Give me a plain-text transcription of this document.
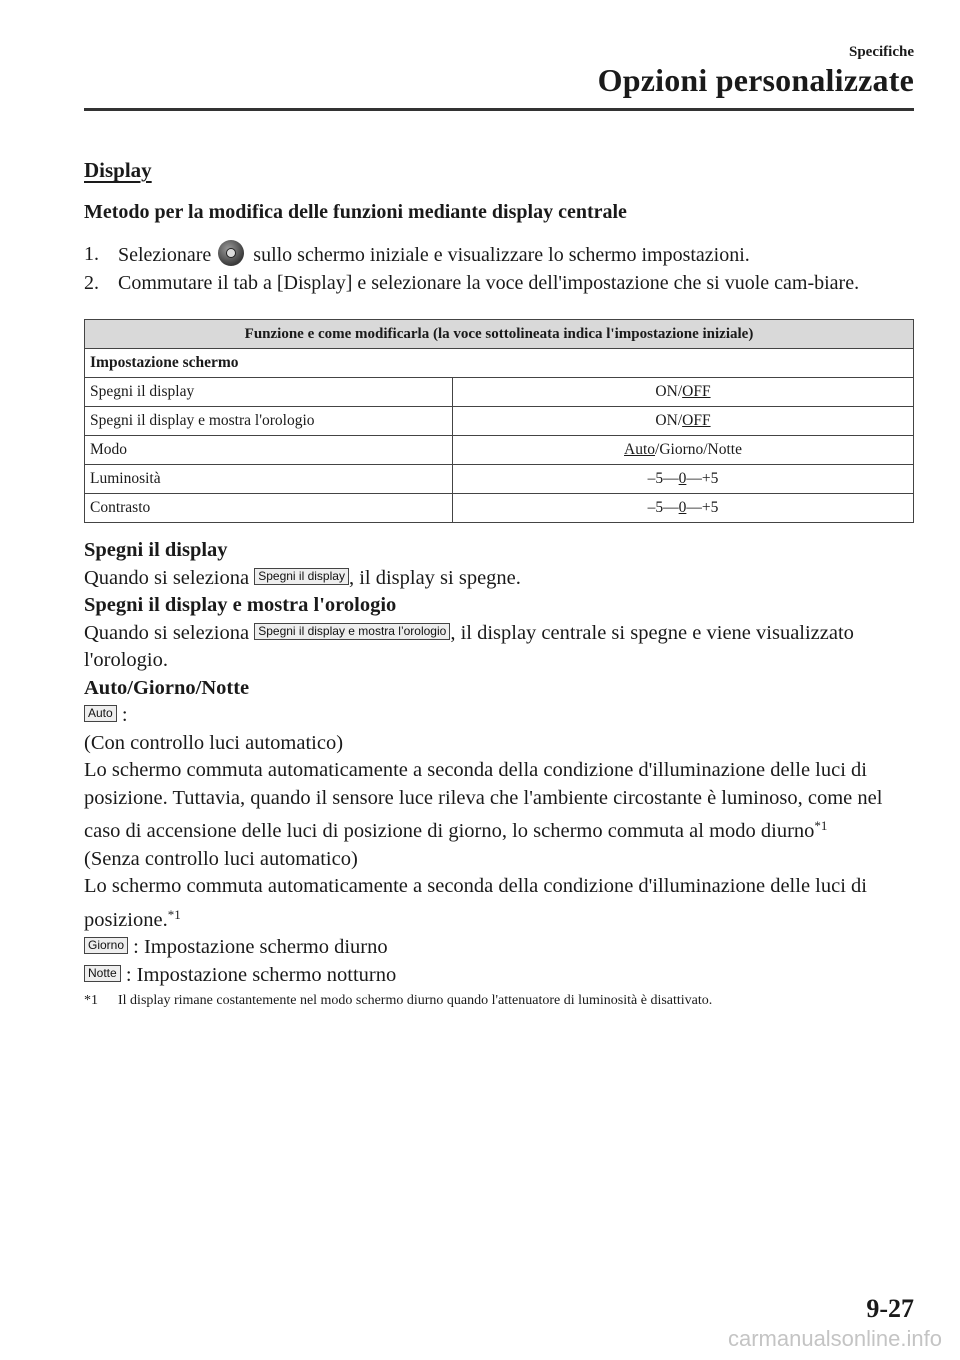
Specifiche
Opzioni personalizzate
Display
Metodo per la modifica delle funzioni mediante display centrale
1. Selezionare sullo schermo iniziale e visualizzare lo schermo impostazioni.
2. Commutare il tab a [Display] e selezionare la voce dell'impostazione che si vuole cam-biare.
Funzione e come modificarla (la voce sottolineata indica l'impostazione iniziale)	
Impostazione schermo	
Spegni il display	ON/OFF
Spegni il display e mostra l'orologio	ON/OFF
Modo	Auto/Giorno/Notte
Luminosità	–5—0—+5
Contrasto	–5—0—+5
Spegni il display
Quando si seleziona Spegni il display , il display si spegne.
Spegni il display e mostra l'orologio
Quando si seleziona Spegni il display e mostra l’orologio , il display centrale si spegne e viene visualizzato l'orologio.
Auto/Giorno/Notte
Auto :
(Con controllo luci automatico)
Lo schermo commuta automaticamente a seconda della condizione d'illuminazione delle luci di posizione. Tuttavia, quando il sensore luce rileva che l'ambiente circostante è luminoso, come nel caso di accensione delle luci di posizione di giorno, lo schermo commuta al modo diurno$^{*1}$
(Senza controllo luci automatico)
Lo schermo commuta automaticamente a seconda della condizione d'illuminazione delle luci di posizione.$^{*1}$
Giorno : Impostazione schermo diurno
Notte : Impostazione schermo notturno
*1 Il display rimane costantemente nel modo schermo diurno quando l'attenuatore di luminosità è disattivato.
9-27
carmanualsonline.info
